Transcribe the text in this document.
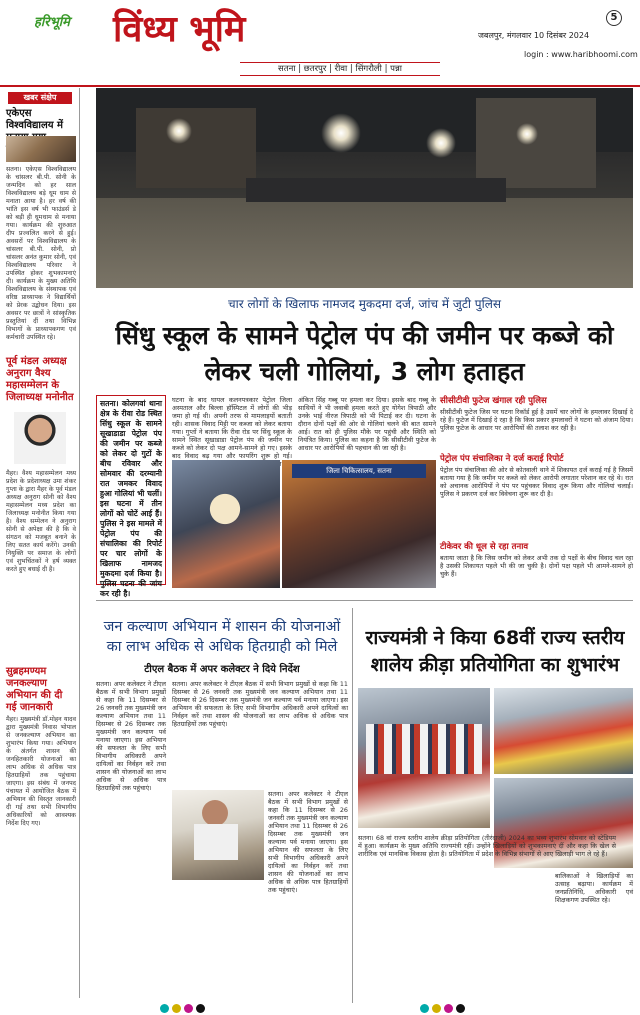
हरिभूमि विंध्य भूमि
सतना | छतरपुर | रीवा | सिंगरौली | पन्ना
जबलपुर, मंगलवार 10 दिसंबर 2024
login : www.haribhoomi.com
5
खबर संक्षेप
एकेएस विश्वविद्यालय में
सतना। एकेएस विश्वविद्यालय के चांसलर बी.पी. सोनी के जन्मदिन को हर साल विश्वविद्यालय बड़े धूम धाम से मनाता आया है। हर वर्ष की भांति इस वर्ष भी फाउंडर्स डे को बड़ी ही धूमधाम से मनाया गया। कार्यक्रम की शुरुआत दीप प्रज्वलित करने से हुई।अवसरों पर विश्वविद्यालय के चांसलर बी.पी. सोनी, प्रो चांसलर अनंत कुमार सोनी, एवं विश्वविद्यालय परिवार ने उपस्थित होकर शुभकामनाएं दी। कार्यक्रम के मुख्य अतिथि विश्वविद्यालय के संस्थापक एवं वरिष्ठ प्राध्यापक ने विद्यार्थियों को प्रेरक उद्बोधन दिया। इस अवसर पर छात्रों ने सांस्कृतिक प्रस्तुतियां दीं तथा विभिन्न विभागों के प्राध्यापकगण एवं कर्मचारी उपस्थित रहे।
पूर्व मंडल अध्यक्ष अनुराग वैश्य महासम्मेलन के जिलाध्यक्ष मनोनीत
मैहर। वैश्य महासम्मेलन मध्य प्रदेश के प्रदेशाध्यक्ष उमा शंकर गुप्ता के द्वारा मैहर के पूर्व मंडल अध्यक्ष अनुराग सोनी को वैश्य महासम्मेलन मध्य प्रदेश का जिलाध्यक्ष मनोनीत किया गया है। वैश्य सम्मेलन ने अनुराग सोनी से अपेक्षा की है कि वे संगठन को मजबूत बनाने के लिए सतत कार्य करेंगे। उनकी नियुक्ति पर समाज के लोगों एवं शुभचिंतकों ने हर्ष व्यक्त करते हुए बधाई दी है।
सुब्रहमण्यम जनकल्याण अभियान की दी गई जानकारी
मैहर। मुख्यमंत्री डॉ.मोहन यादव द्वारा मुख्यमंत्री निवास भोपाल से जनकल्याण अभियान का शुभारंभ किया गया। अभियान के अंतर्गत शासन की जनहितकारी योजनाओं का लाभ अधिक से अधिक पात्र हितग्राहियों तक पहुंचाया जाएगा। इस संबंध में जनपद पंचायत में आयोजित बैठक में अभियान की विस्तृत जानकारी दी गई तथा सभी विभागीय अधिकारियों को आवश्यक निर्देश दिए गए।
चार लोगों के खिलाफ नामजद मुकदमा दर्ज, जांच में जुटी पुलिस
सिंधु स्कूल के सामने पेट्रोल पंप की जमीन पर कब्जे को लेकर चली गोलियां, 3 लोग हताहत
सतना। कोलगवां थाना क्षेत्र के रीवा रोड स्थित सिंधु स्कूल के सामने सूखाडाडा पेट्रोल पंप की जमीन पर कब्जे को लेकर दो गुटों के बीच रविवार और सोमवार की दरम्यानी रात जमकर विवाद हुआ गोलियां भी चलीं। इस घटना में तीन लोगों को चोटें आई हैं। पुलिस ने इस मामले में पेट्रोल पंप की संचालिका की रिपोर्ट पर चार लोगों के खिलाफ नामजद मुकदमा दर्ज किया है। पुलिस घटना की जांच कर रही है।
घटना के बाद घायल कलनपत्रकार पेट्रोल जिला अस्पताल और बिल्ला हॉस्पिटल में लोगों की भीड़ जमा हो गई थी। अपनी तरफ से मामलाइयों बताती रही। शासक विवाद मिट्टी पर कब्जा को लेकर बताया गया। गुप्तों ने बताया कि रीवा रोड पर सिंधु स्कूल के सामने स्थित सूखाडाडा पेट्रोल पंप की जमीन पर कब्जे को लेकर दो पक्ष आमने-सामने हो गए। इसके बाद विवाद बढ़ गया और फायरिंग शुरू हो गई।
अंकित सिंह गब्बू पर हमला कर दिया। इसके बाद गब्बू के साथियों ने भी जवाबी हमला करते हुए योगेश त्रिपाठी और उनके भाई नीरज त्रिपाठी को भी पिटाई कर दी। घटना के दौरान दोनों पक्षों की ओर से गोलियां चलने की बात सामने आई। रात को ही पुलिस मौके पर पहुंची और स्थिति को नियंत्रित किया। पुलिस का कहना है कि सीसीटीवी फुटेज के आधार पर आरोपियों की पहचान की जा रही है।
जिला चिकित्सालय, सतना
सीसीटीवी फुटेज खंगाल रही पुलिस
सीसीटीवी फुटेज जिस पर घटना रिकॉर्ड हुई है उसमें चार लोगों के हमलावर दिखाई दे रहे हैं। फुटेज में दिखाई दे रहा है कि किस प्रकार हमलावरों ने घटना को अंजाम दिया। पुलिस फुटेज के आधार पर आरोपियों की तलाश कर रही है।
पेट्रोल पंप संचालिका ने दर्ज कराई रिपोर्ट
पेट्रोल पंप संचालिका की ओर से कोतवाली थाने में शिकायत दर्ज कराई गई है जिसमें बताया गया है कि जमीन पर कब्जे को लेकर आरोपी लगातार परेशान कर रहे थे। रात को अचानक आरोपियों ने पंप पर पहुंचकर विवाद शुरू किया और गोलियां चलाईं। पुलिस ने प्रकरण दर्ज कर विवेचना शुरू कर दी है।
टीकेवर की धूल से रहा तनाव
बताया जाता है कि जिस जमीन को लेकर अभी तक दो पक्षों के बीच विवाद चल रहा है उसकी शिकायत पहले भी की जा चुकी है। दोनों पक्ष पहले भी आमने-सामने हो चुके हैं।
जन कल्याण अभियान में शासन की योजनाओं का लाभ अधिक से अधिक हितग्राही को मिले
टीएल बैठक में अपर कलेक्टर ने दिये निर्देश
सतना। अपर कलेक्टर ने टीएल बैठक में सभी विभाग प्रमुखों से कहा कि 11 दिसम्बर से 26 जनवरी तक मुख्यमंत्री जन कल्याण अभियान तथा 11 दिसम्बर से 26 दिसम्बर तक मुख्यमंत्री जन कल्याण पर्व मनाया जाएगा। इस अभियान की सफलता के लिए सभी विभागीय अधिकारी अपने दायित्वों का निर्वहन करें तथा शासन की योजनाओं का लाभ अधिक से अधिक पात्र हितग्राहियों तक पहुंचाएं।
सतना। अपर कलेक्टर ने टीएल बैठक में सभी विभाग प्रमुखों से कहा कि 11 दिसम्बर से 26 जनवरी तक मुख्यमंत्री जन कल्याण अभियान तथा 11 दिसम्बर से 26 दिसम्बर तक मुख्यमंत्री जन कल्याण पर्व मनाया जाएगा। इस अभियान की सफलता के लिए सभी विभागीय अधिकारी अपने दायित्वों का निर्वहन करें तथा शासन की योजनाओं का लाभ अधिक से अधिक पात्र हितग्राहियों तक पहुंचाएं।
सतना। अपर कलेक्टर ने टीएल बैठक में सभी विभाग प्रमुखों से कहा कि 11 दिसम्बर से 26 जनवरी तक मुख्यमंत्री जन कल्याण अभियान तथा 11 दिसम्बर से 26 दिसम्बर तक मुख्यमंत्री जन कल्याण पर्व मनाया जाएगा। इस अभियान की सफलता के लिए सभी विभागीय अधिकारी अपने दायित्वों का निर्वहन करें तथा शासन की योजनाओं का लाभ अधिक से अधिक पात्र हितग्राहियों तक पहुंचाएं।
राज्यमंत्री ने किया 68वीं राज्य स्तरीय शालेय क्रीड़ा प्रतियोगिता का शुभारंभ
सतना। 68 वां राज्य स्तरीय शालेय क्रीड़ा प्रतियोगिता (तीरंदाजी) 2024 का भव्य शुभारंभ सोमवार को स्टेडियम में हुआ। कार्यक्रम के मुख्य अतिथि राज्यमंत्री रहीं। उन्होंने खिलाड़ियों को शुभकामनाएं दीं और कहा कि खेल से शारीरिक एवं मानसिक विकास होता है। प्रतियोगिता में प्रदेश के विभिन्न संभागों से आए खिलाड़ी भाग ले रहे हैं।
बालिकाओं ने खिलाड़ियों का उत्साह बढ़ाया। कार्यक्रम में जनप्रतिनिधि, अधिकारी एवं शिक्षकगण उपस्थित रहे।
